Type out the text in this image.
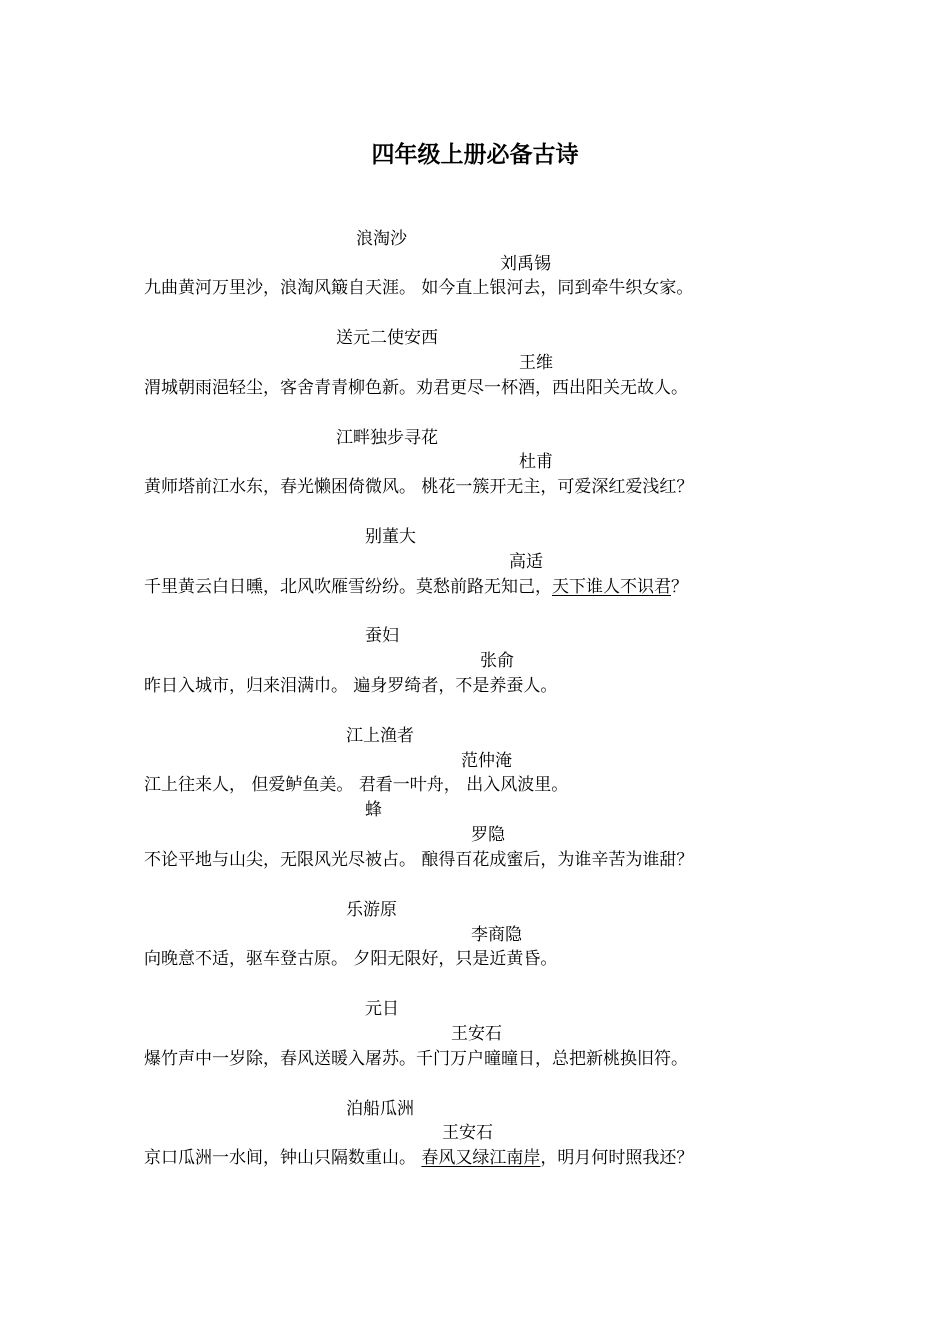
四年级上册必备古诗
浪淘沙
刘禹锡
九曲黄河万里沙，浪淘风簸自天涯。 如今直上银河去，同到牵牛织女家。
送元二使安西
王维
渭城朝雨浥轻尘，客舍青青柳色新。劝君更尽一杯酒，西出阳关无故人。
江畔独步寻花
杜甫
黄师塔前江水东，春光懒困倚微风。 桃花一簇开无主，可爱深红爱浅红？
别董大
高适
千里黄云白日曛，北风吹雁雪纷纷。莫愁前路无知己，天下谁人不识君？
蚕妇
张俞
昨日入城市，归来泪满巾。 遍身罗绮者，不是养蚕人。
江上渔者
范仲淹
江上往来人， 但爱鲈鱼美。 君看一叶舟， 出入风波里。
蜂
罗隐
不论平地与山尖，无限风光尽被占。 酿得百花成蜜后，为谁辛苦为谁甜？
乐游原
李商隐
向晚意不适，驱车登古原。 夕阳无限好，只是近黄昏。
元日
王安石
爆竹声中一岁除，春风送暖入屠苏。千门万户曈曈日，总把新桃换旧符。
泊船瓜洲
王安石
京口瓜洲一水间，钟山只隔数重山。 春风又绿江南岸，明月何时照我还？
